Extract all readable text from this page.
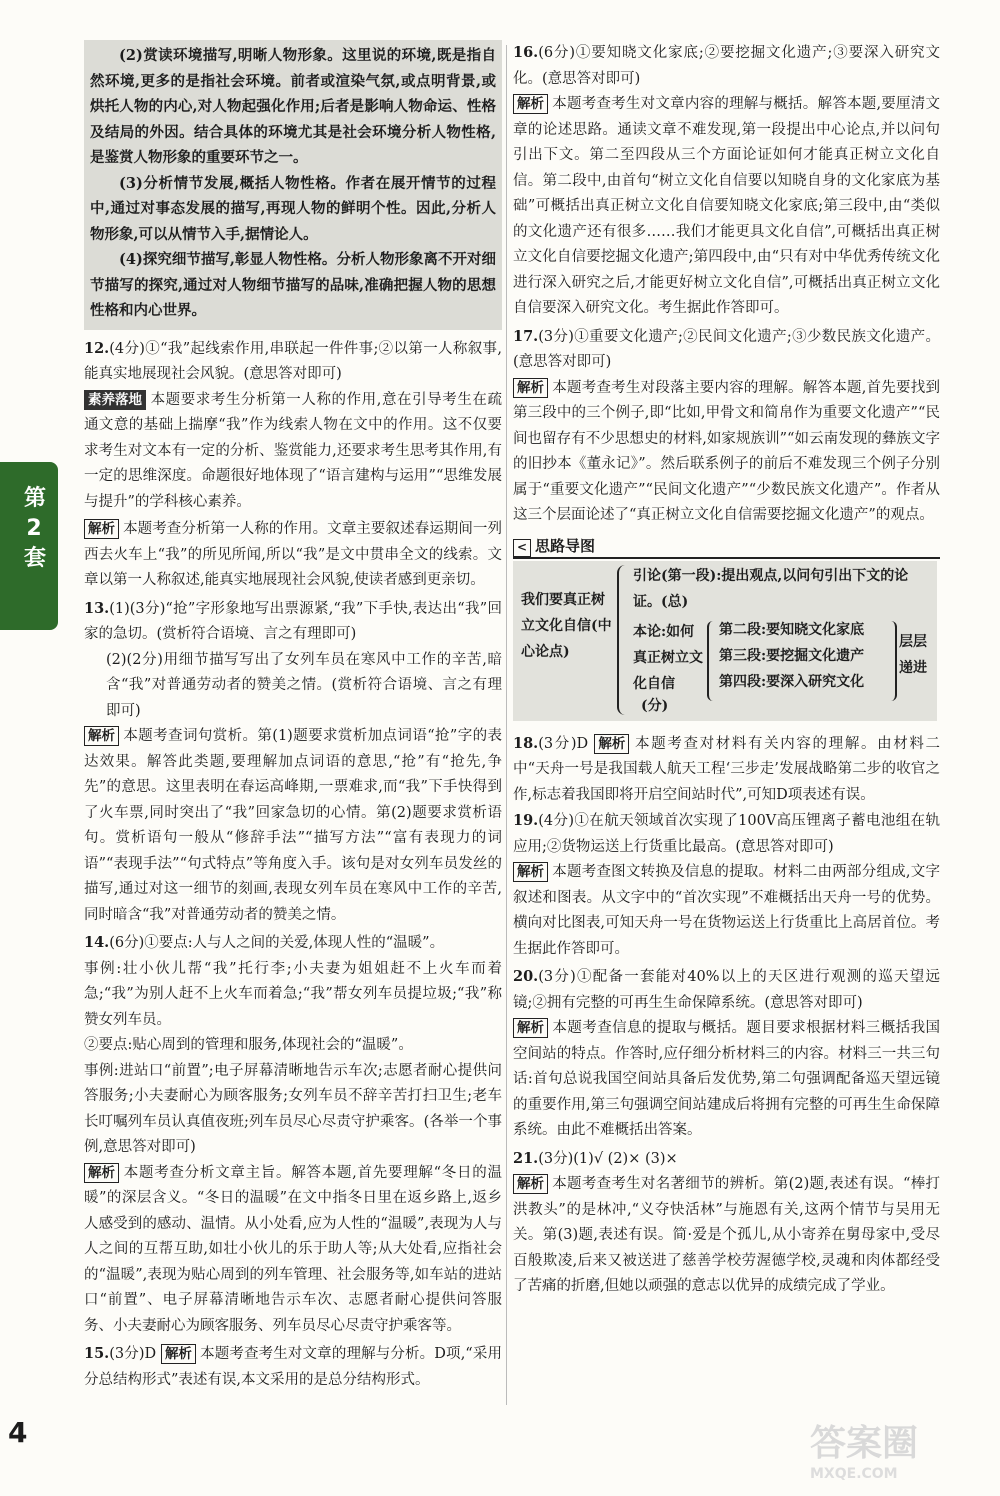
第2套

(2)赏读环境描写,明晰人物形象。这里说的环境,既是指自然环境,更多的是指社会环境。前者或渲染气氛,或点明背景,或烘托人物的内心,对人物起强化作用;后者是影响人物命运、性格及结局的外因。结合具体的环境尤其是社会环境分析人物性格,是鉴赏人物形象的重要环节之一。

(3)分析情节发展,概括人物性格。作者在展开情节的过程中,通过对事态发展的描写,再现人物的鲜明个性。因此,分析人物形象,可以从情节入手,据情论人。

(4)探究细节描写,彰显人物性格。分析人物形象离不开对细节描写的探究,通过对人物细节描写的品味,准确把握人物的思想性格和内心世界。

12.(4分)①“我”起线索作用,串联起一件件事;②以第一人称叙事,能真实地展现社会风貌。(意思答对即可)

素养落地 本题要求考生分析第一人称的作用,意在引导考生在疏通文意的基础上揣摩“我”作为线索人物在文中的作用。这不仅要求考生对文本有一定的分析、鉴赏能力,还要求考生思考其作用,有一定的思维深度。命题很好地体现了“语言建构与运用”“思维发展与提升”的学科核心素养。

解析 本题考查分析第一人称的作用。文章主要叙述春运期间一列西去火车上“我”的所见所闻,所以“我”是文中贯串全文的线索。文章以第一人称叙述,能真实地展现社会风貌,使读者感到更亲切。

13.(1)(3分)“抢”字形象地写出票源紧,“我”下手快,表达出“我”回家的急切。(赏析符合语境、言之有理即可)

(2)(2分)用细节描写写出了女列车员在寒风中工作的辛苦,暗含“我”对普通劳动者的赞美之情。(赏析符合语境、言之有理即可)

解析 本题考查词句赏析。第(1)题要求赏析加点词语“抢”字的表达效果。解答此类题,要理解加点词语的意思,“抢”有“抢先,争先”的意思。这里表明在春运高峰期,一票难求,而“我”下手快得到了火车票,同时突出了“我”回家急切的心情。第(2)题要求赏析语句。赏析语句一般从“修辞手法”“描写方法”“富有表现力的词语”“表现手法”“句式特点”等角度入手。该句是对女列车员发丝的描写,通过对这一细节的刻画,表现女列车员在寒风中工作的辛苦,同时暗含“我”对普通劳动者的赞美之情。

14.(6分)①要点:人与人之间的关爱,体现人性的“温暖”。

事例:壮小伙儿帮“我”托行李;小夫妻为姐姐赶不上火车而着急;“我”为别人赶不上火车而着急;“我”帮女列车员提垃圾;“我”称赞女列车员。

②要点:贴心周到的管理和服务,体现社会的“温暖”。

事例:进站口“前置”;电子屏幕清晰地告示车次;志愿者耐心提供问答服务;小夫妻耐心为顾客服务;女列车员不辞辛苦打扫卫生;老车长叮嘱列车员认真值夜班;列车员尽心尽责守护乘客。(各举一个事例,意思答对即可)

解析 本题考查分析文章主旨。解答本题,首先要理解“冬日的温暖”的深层含义。“冬日的温暖”在文中指冬日里在返乡路上,返乡人感受到的感动、温情。从小处看,应为人性的“温暖”,表现为人与人之间的互帮互助,如壮小伙儿的乐于助人等;从大处看,应指社会的“温暖”,表现为贴心周到的列车管理、社会服务等,如车站的进站口“前置”、电子屏幕清晰地告示车次、志愿者耐心提供问答服务、小夫妻耐心为顾客服务、列车员尽心尽责守护乘客等。

15.(3分)D 解析 本题考查考生对文章的理解与分析。D项,“采用分总结构形式”表述有误,本文采用的是总分结构形式。

16.(6分)①要知晓文化家底;②要挖掘文化遗产;③要深入研究文化。(意思答对即可)

解析 本题考查考生对文章内容的理解与概括。解答本题,要厘清文章的论述思路。通读文章不难发现,第一段提出中心论点,并以问句引出下文。第二至四段从三个方面论证如何才能真正树立文化自信。第二段中,由首句“树立文化自信要以知晓自身的文化家底为基础”可概括出真正树立文化自信要知晓文化家底;第三段中,由“类似的文化遗产还有很多……我们才能更具文化自信”,可概括出真正树立文化自信要挖掘文化遗产;第四段中,由“只有对中华优秀传统文化进行深入研究之后,才能更好树立文化自信”,可概括出真正树立文化自信要深入研究文化。考生据此作答即可。

17.(3分)①重要文化遗产;②民间文化遗产;③少数民族文化遗产。(意思答对即可)

解析 本题考查考生对段落主要内容的理解。解答本题,首先要找到第三段中的三个例子,即“比如,甲骨文和简帛作为重要文化遗产”“民间也留存有不少思想史的材料,如家规族训”“如云南发现的彝族文字的旧抄本《董永记》”。然后联系例子的前后不难发现三个例子分别属于“重要文化遗产”“民间文化遗产”“少数民族文化遗产”。作者从这三个层面论述了“真正树立文化自信需要挖掘文化遗产”的观点。

< 思路导图
我们要真正树立文化自信(中心论点)
引论(第一段):提出观点,以问句引出下文的论证。(总)
本论:如何真正树立文化自信
(分)
第二段:要知晓文化家底
第三段:要挖掘文化遗产
第四段:要深入研究文化
层层递进

18.(3分)D 解析 本题考查对材料有关内容的理解。由材料二中“天舟一号是我国载人航天工程‘三步走’发展战略第二步的收官之作,标志着我国即将开启空间站时代”,可知D项表述有误。

19.(4分)①在航天领域首次实现了100V高压锂离子蓄电池组在轨应用;②货物运送上行货重比最高。(意思答对即可)

解析 本题考查图文转换及信息的提取。材料二由两部分组成,文字叙述和图表。从文字中的“首次实现”不难概括出天舟一号的优势。横向对比图表,可知天舟一号在货物运送上行货重比上高居首位。考生据此作答即可。

20.(3分)①配备一套能对40%以上的天区进行观测的巡天望远镜;②拥有完整的可再生生命保障系统。(意思答对即可)

解析 本题考查信息的提取与概括。题目要求根据材料三概括我国空间站的特点。作答时,应仔细分析材料三的内容。材料三一共三句话:首句总说我国空间站具备后发优势,第二句强调配备巡天望远镜的重要作用,第三句强调空间站建成后将拥有完整的可再生生命保障系统。由此不难概括出答案。

21.(3分)(1)√ (2)× (3)×

解析 本题考查考生对名著细节的辨析。第(2)题,表述有误。“棒打洪教头”的是林冲,“义夺快活林”与施恩有关,这两个情节与吴用无关。第(3)题,表述有误。简·爱是个孤儿,从小寄养在舅母家中,受尽百般欺凌,后来又被送进了慈善学校劳渥德学校,灵魂和肉体都经受了苦痛的折磨,但她以顽强的意志以优异的成绩完成了学业。

4	答案圈
MXQE.COM
